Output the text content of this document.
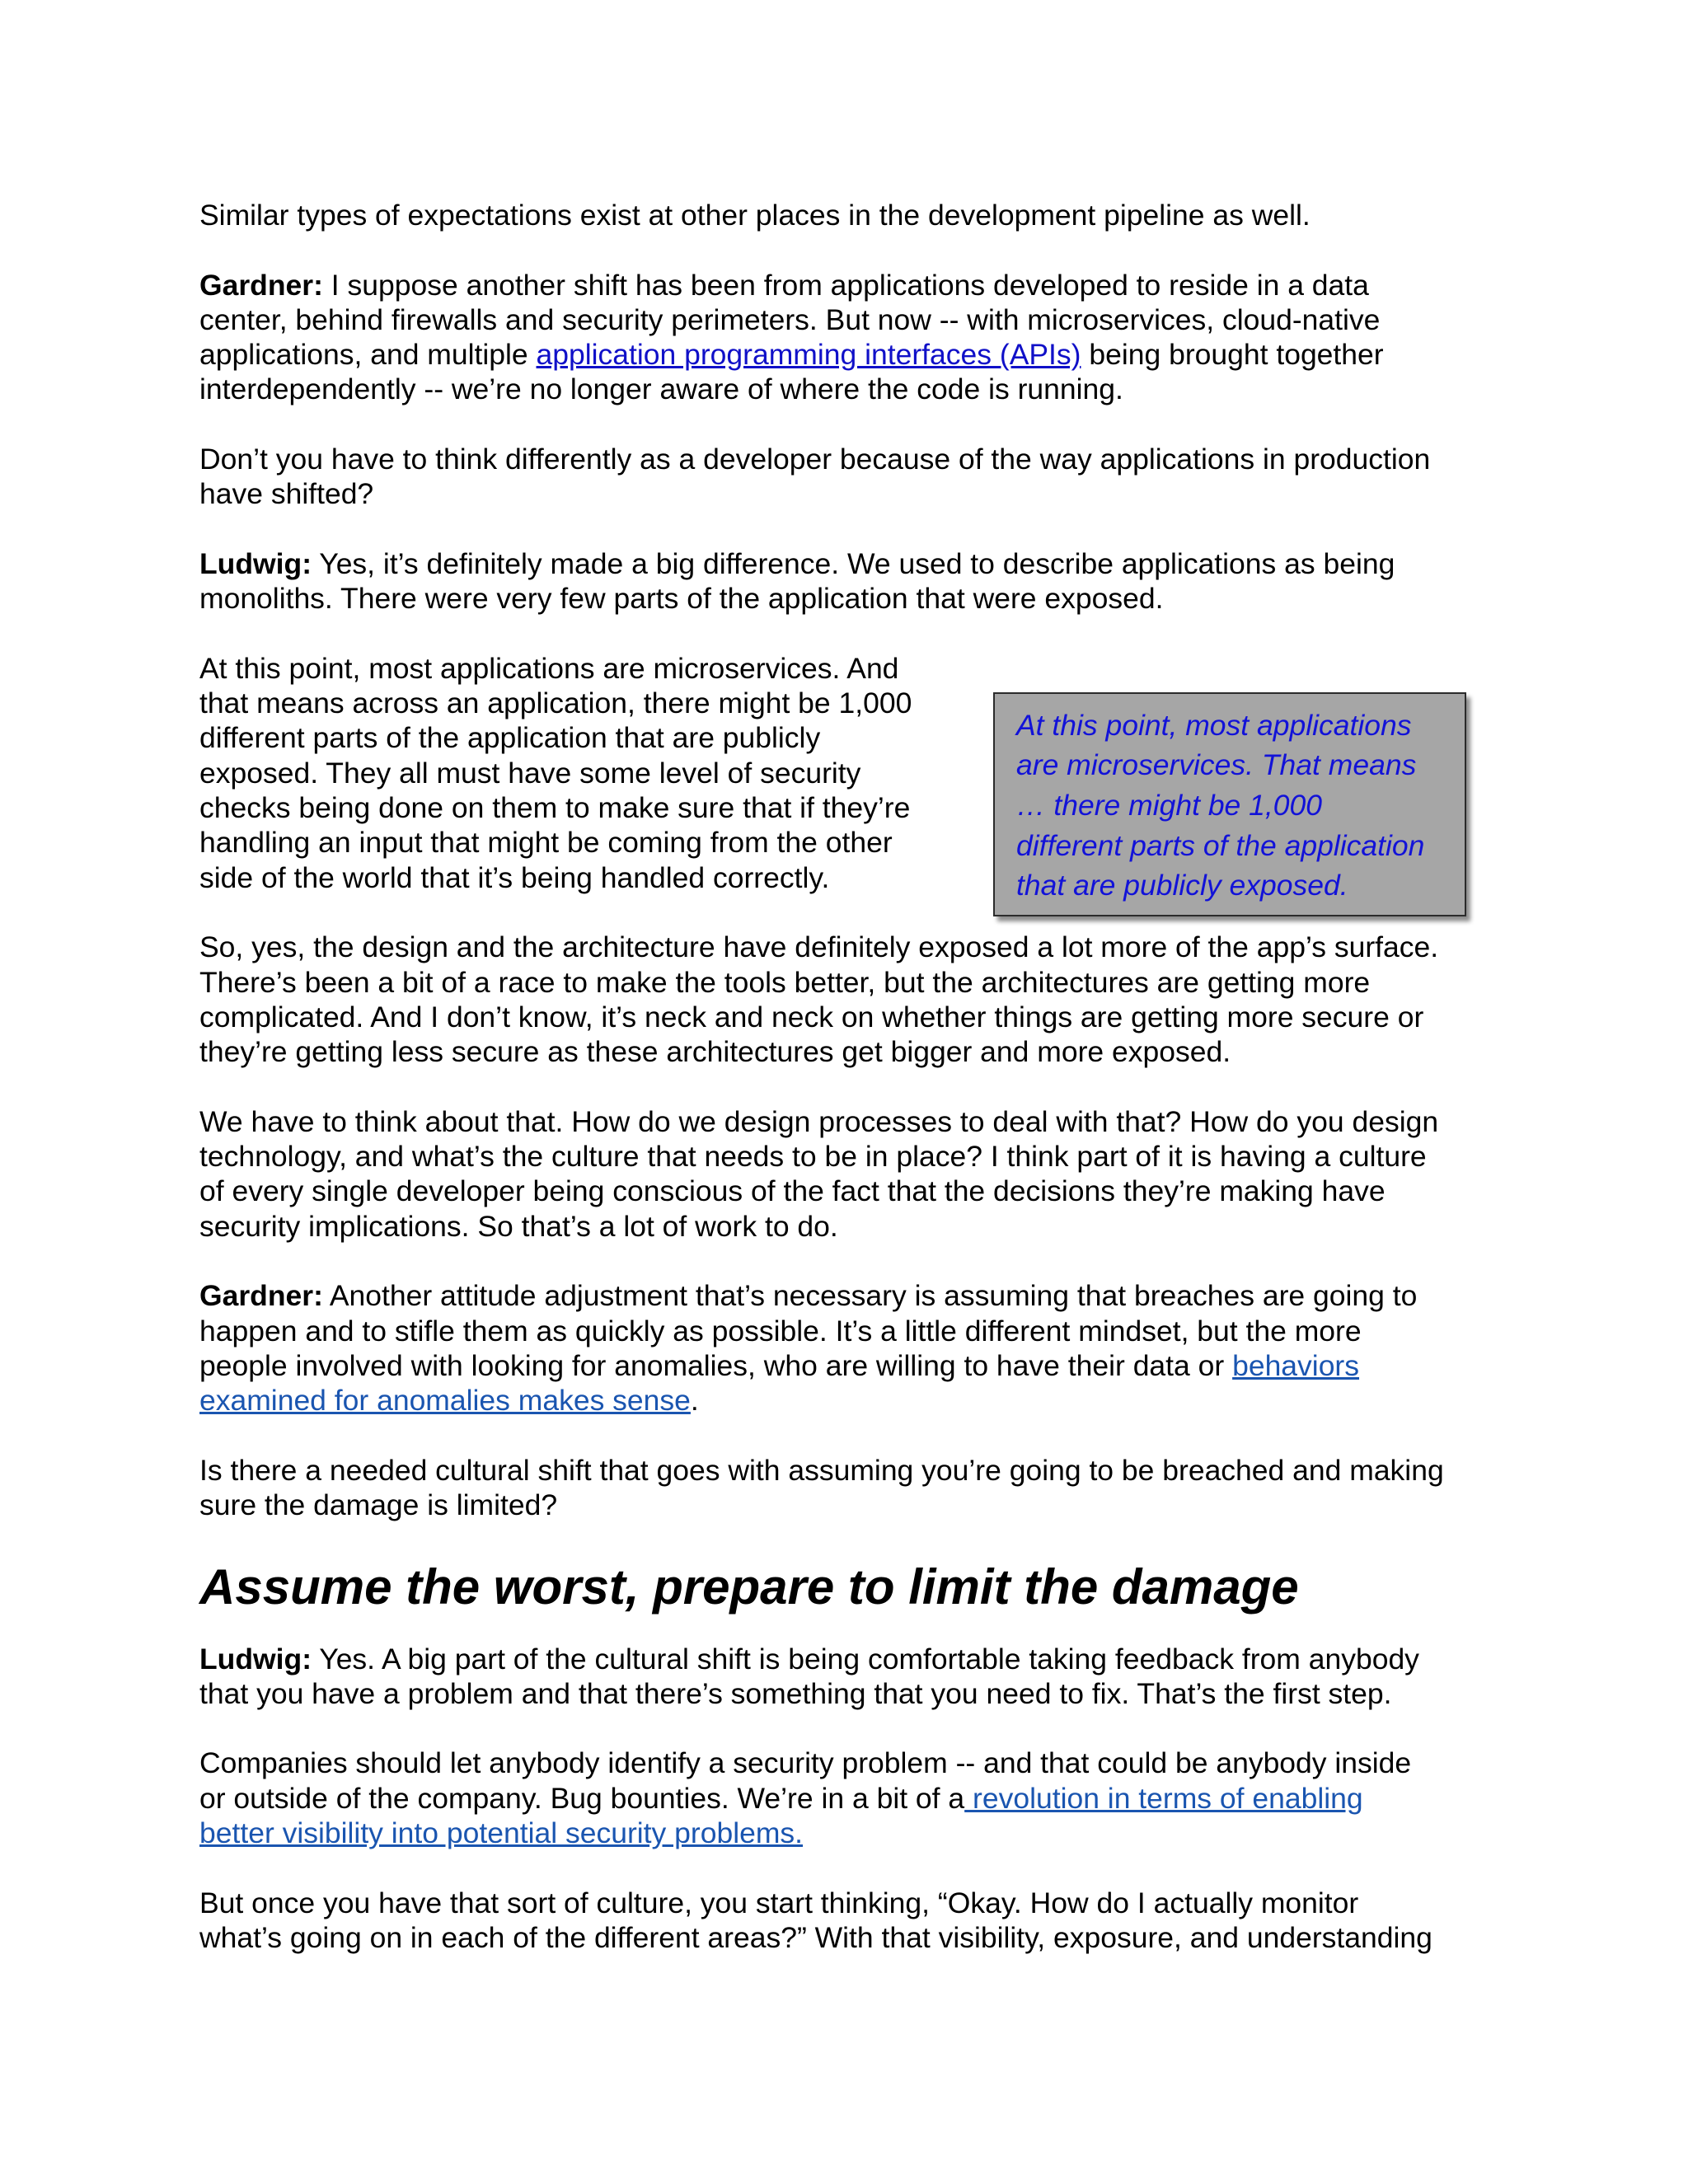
Similar types of expectations exist at other places in the development pipeline as well.

Gardner: I suppose another shift has been from applications developed to reside in a data
center, behind firewalls and security perimeters. But now -- with microservices, cloud-native
applications, and multiple application programming interfaces (APIs) being brought together
interdependently -- we’re no longer aware of where the code is running.

Don’t you have to think differently as a developer because of the way applications in production
have shifted?

Ludwig: Yes, it’s definitely made a big difference. We used to describe applications as being
monoliths. There were very few parts of the application that were exposed.

At this point, most applications are microservices. And
that means across an application, there might be 1,000
different parts of the application that are publicly
exposed. They all must have some level of security
checks being done on them to make sure that if they’re
handling an input that might be coming from the other
side of the world that it’s being handled correctly.

At this point, most applications
are microservices. That means
… there might be 1,000
different parts of the application
that are publicly exposed.

So, yes, the design and the architecture have definitely exposed a lot more of the app’s surface.
There’s been a bit of a race to make the tools better, but the architectures are getting more
complicated. And I don’t know, it’s neck and neck on whether things are getting more secure or
they’re getting less secure as these architectures get bigger and more exposed.

We have to think about that. How do we design processes to deal with that? How do you design
technology, and what’s the culture that needs to be in place? I think part of it is having a culture
of every single developer being conscious of the fact that the decisions they’re making have
security implications. So that’s a lot of work to do.

Gardner: Another attitude adjustment that’s necessary is assuming that breaches are going to
happen and to stifle them as quickly as possible. It’s a little different mindset, but the more
people involved with looking for anomalies, who are willing to have their data or behaviors
examined for anomalies makes sense.

Is there a needed cultural shift that goes with assuming you’re going to be breached and making
sure the damage is limited?

Assume the worst, prepare to limit the damage

Ludwig: Yes. A big part of the cultural shift is being comfortable taking feedback from anybody
that you have a problem and that there’s something that you need to fix. That’s the first step.

Companies should let anybody identify a security problem -- and that could be anybody inside
or outside of the company. Bug bounties. We’re in a bit of a revolution in terms of enabling
better visibility into potential security problems.

But once you have that sort of culture, you start thinking, “Okay. How do I actually monitor
what’s going on in each of the different areas?” With that visibility, exposure, and understanding
